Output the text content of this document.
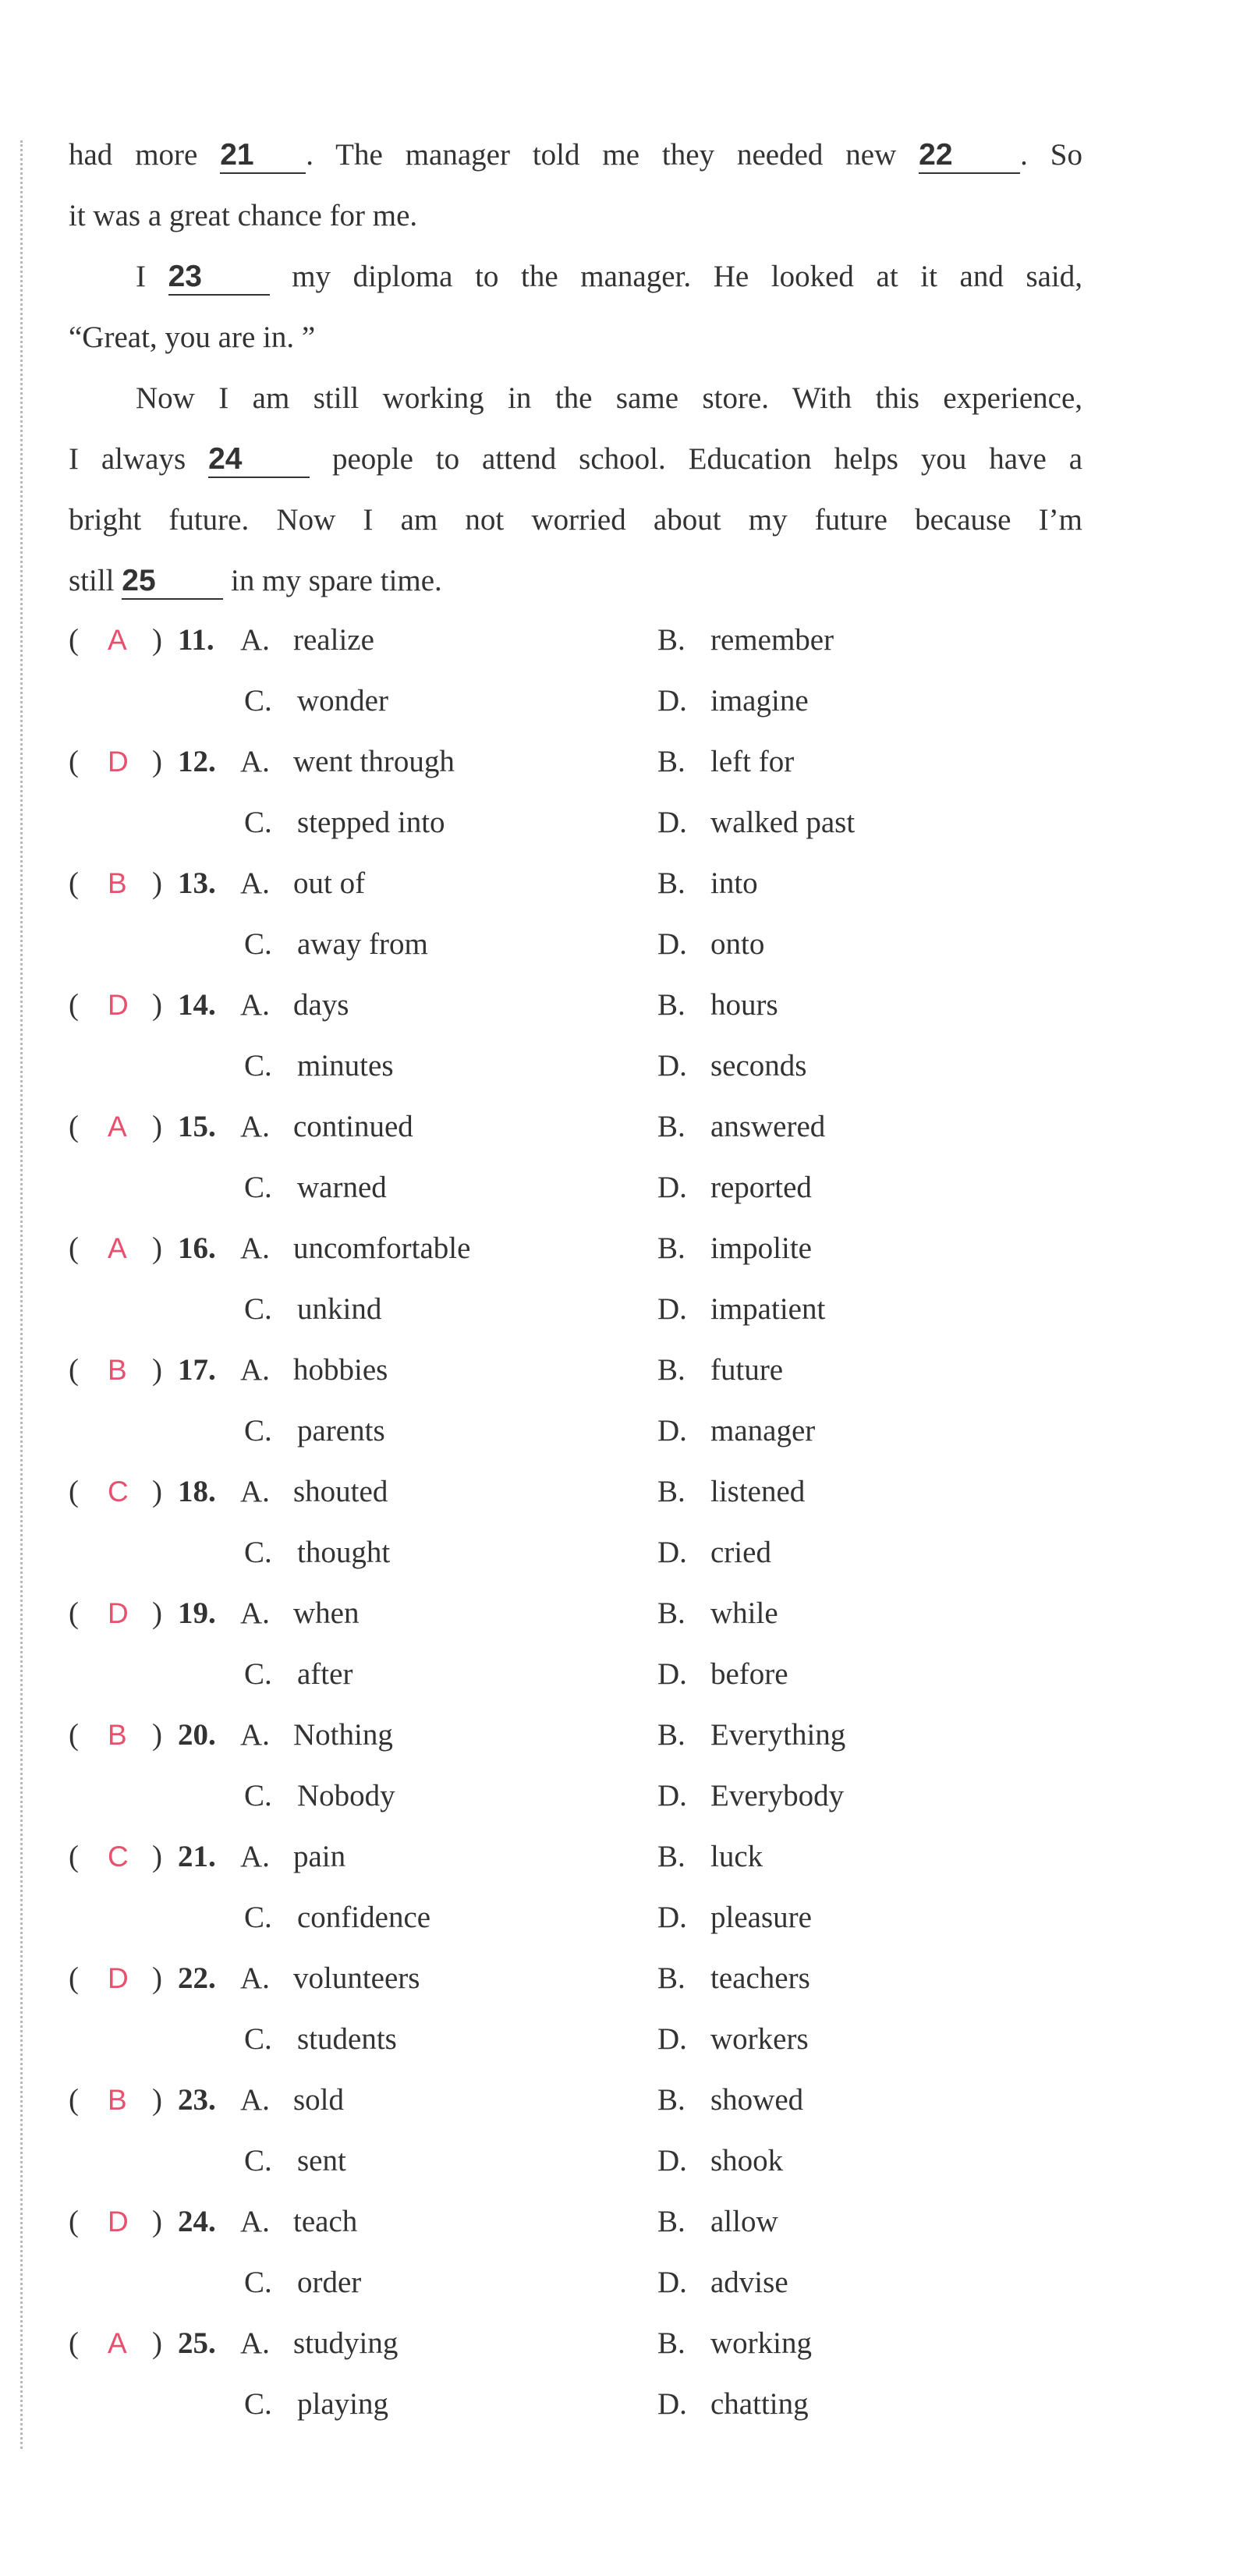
had more 21 . The manager told me they needed new 22 . So

it was a great chance for me.

I 23	my diploma to the manager. He looked at it and said,

“Great, you are in. ”

Now I am still working in the same store. With this experience,

I always 24	people to attend school. Education helps you have a

bright future. Now I am not worried about my future because I’m

still 25 in my spare time.

( A ) 11. A. realize	B. remember
C. wonder	D. imagine
( D ) 12. A. went through	B. left for
C. stepped into	D. walked past
( B ) 13. A. out of	B. into
C. away from	D. onto
( D ) 14. A. days	B. hours
C. minutes	D. seconds
( A ) 15. A. continued	B. answered
C. warned	D. reported
( A ) 16. A. uncomfortable	B. impolite
C. unkind	D. impatient
( B ) 17. A. hobbies	B. future
C. parents	D. manager
( C ) 18. A. shouted	B. listened
C. thought	D. cried
( D ) 19. A. when	B. while
C. after	D. before
( B ) 20. A. Nothing	B. Everything
C. Nobody	D. Everybody
( C ) 21. A. pain	B. luck
C. confidence	D. pleasure
( D ) 22. A. volunteers	B. teachers
C. students	D. workers
( B ) 23. A. sold	B. showed
C. sent	D. shook
( D ) 24. A. teach	B. allow
C. order	D. advise
( A ) 25. A. studying	B. working
C. playing	D. chatting
